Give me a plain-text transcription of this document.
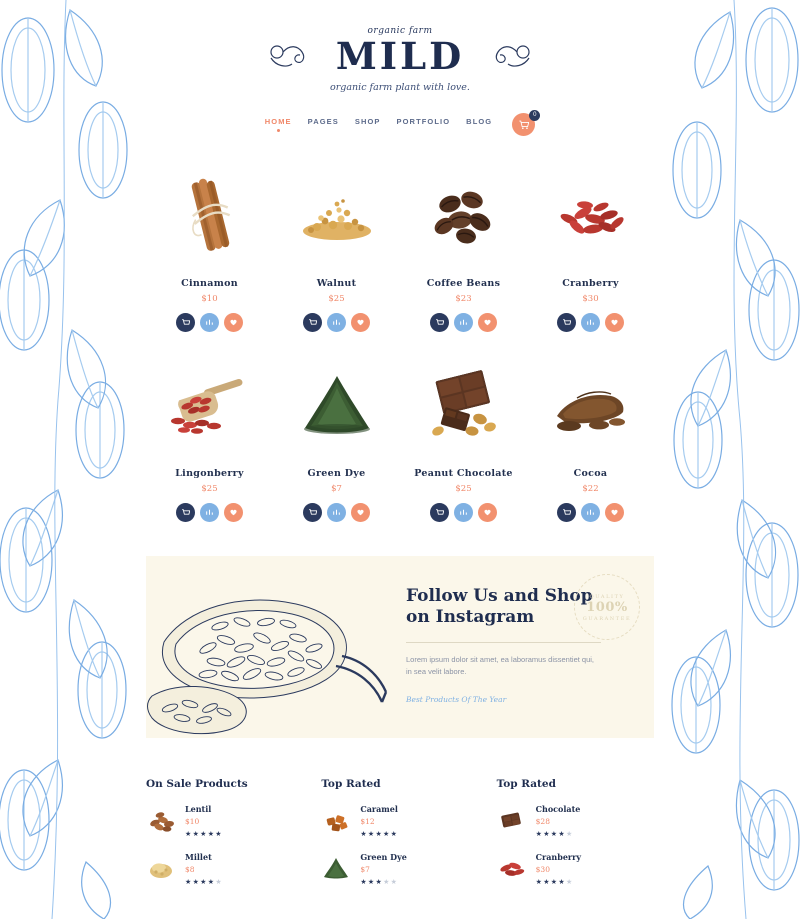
organic farm
MILD
organic farm plant with love.
HOME PAGES SHOP PORTFOLIO BLOG
0
Cinnamon
$10
Walnut
$25
Coffee Beans
$23
Cranberry
$30
Lingonberry
$25
Green Dye
$7
Peanut Chocolate
$25
Cocoa
$22
Follow Us and Shop
on Instagram
Lorem ipsum dolor sit amet, ea laboramus dissentiet qui, in sea velit labore.
Best Products Of The Year
QUALITY
100%
GUARANTEE
On Sale Products
Lentil
$10
★★★★★
Millet
$8
★★★★★
Top Rated
Caramel
$12
★★★★★
Green Dye
$7
★★★★★
Top Rated
Chocolate
$28
★★★★★
Cranberry
$30
★★★★★
